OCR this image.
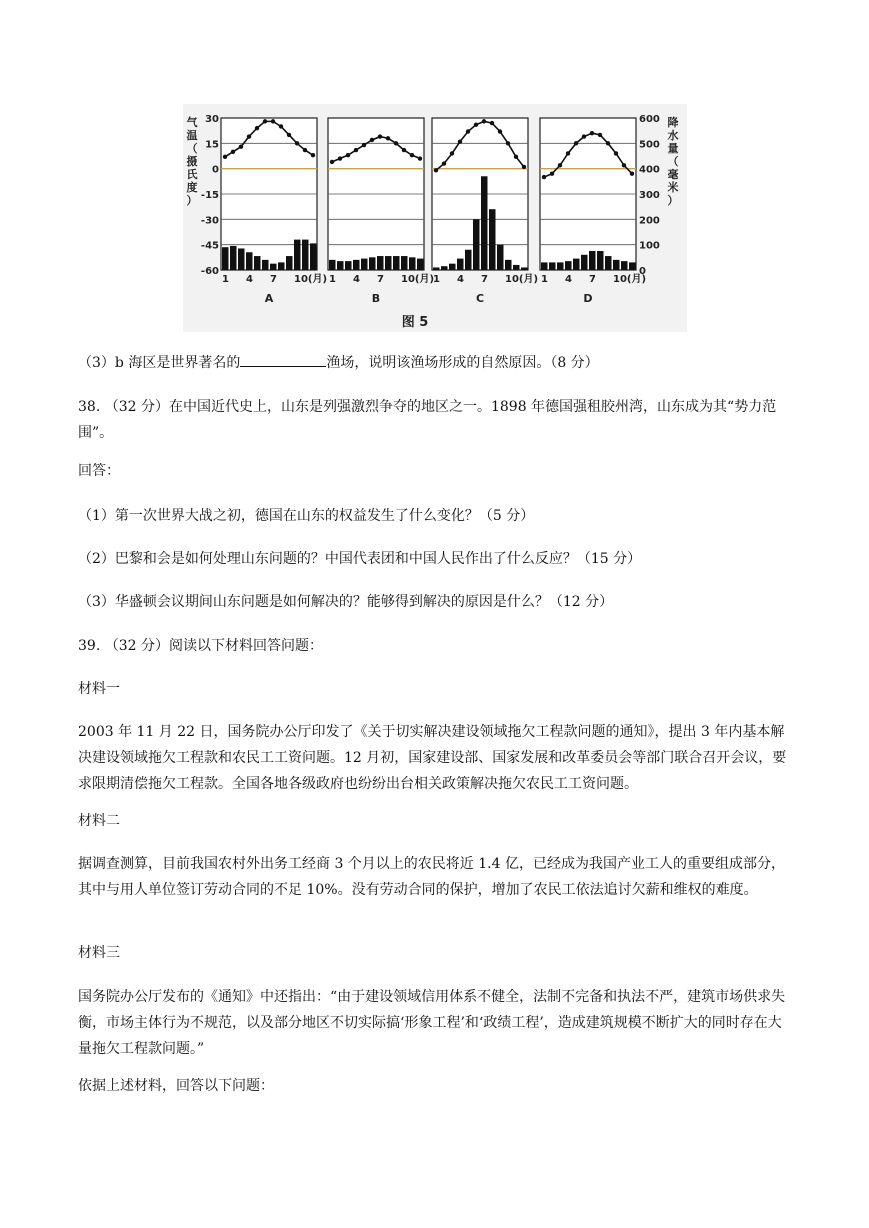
1 4 7 10(月)
A
1 4 7 10(月)
B
1 4 7 10(月)
C
1 4 7 10(月)
D
30
15
0
-15
-30
-45
-60
600
500
400
300
200
100
0
气
温
（
摄
氏
度
）
降
水
量
（
毫
米
）
图 5

（3）b 海区是世界著名的	渔场，说明该渔场形成的自然原因。（8 分）

38. （32 分）在中国近代史上，山东是列强激烈争夺的地区之一。1898 年德国强租胶州湾，山东成为其“势力范围”。

回答：

（1）第一次世界大战之初，德国在山东的权益发生了什么变化？（5 分）

（2）巴黎和会是如何处理山东问题的？中国代表团和中国人民作出了什么反应？（15 分）

（3）华盛顿会议期间山东问题是如何解决的？能够得到解决的原因是什么？（12 分）

39. （32 分）阅读以下材料回答问题：

材料一

2003 年 11 月 22 日，国务院办公厅印发了《关于切实解决建设领域拖欠工程款问题的通知》，提出 3 年内基本解决建设领域拖欠工程款和农民工工资问题。12 月初，国家建设部、国家发展和改革委员会等部门联合召开会议，要求限期清偿拖欠工程款。全国各地各级政府也纷纷出台相关政策解决拖欠农民工工资问题。

材料二

据调查测算，目前我国农村外出务工经商 3 个月以上的农民将近 1.4 亿，已经成为我国产业工人的重要组成部分，其中与用人单位签订劳动合同的不足 10%。没有劳动合同的保护，增加了农民工依法追讨欠薪和维权的难度。

材料三

国务院办公厅发布的《通知》中还指出：“由于建设领域信用体系不健全，法制不完备和执法不严，建筑市场供求失衡，市场主体行为不规范，以及部分地区不切实际搞‘形象工程’和‘政绩工程’，造成建筑规模不断扩大的同时存在大量拖欠工程款问题。”

依据上述材料，回答以下问题：
